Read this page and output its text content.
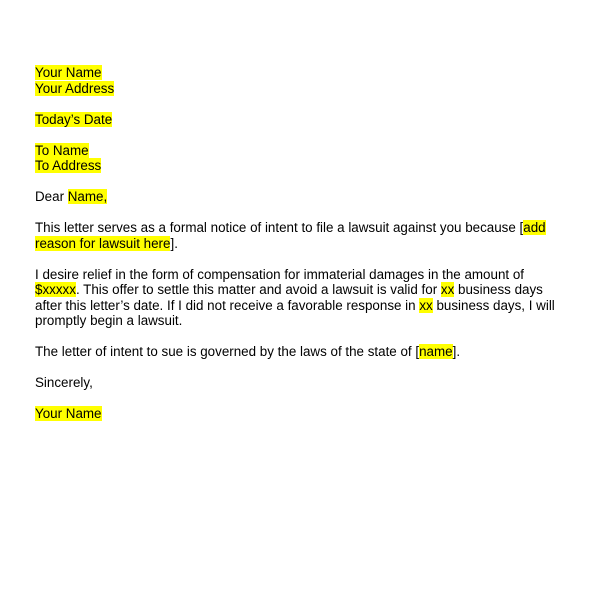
Your Name
Your Address
Today’s Date
To Name
To Address
Dear Name,
This letter serves as a formal notice of intent to file a lawsuit against you because [add
reason for lawsuit here].
I desire relief in the form of compensation for immaterial damages in the amount of
$xxxxx. This offer to settle this matter and avoid a lawsuit is valid for xx business days
after this letter’s date. If I did not receive a favorable response in xx business days, I will
promptly begin a lawsuit.
The letter of intent to sue is governed by the laws of the state of [name].
Sincerely,
Your Name
